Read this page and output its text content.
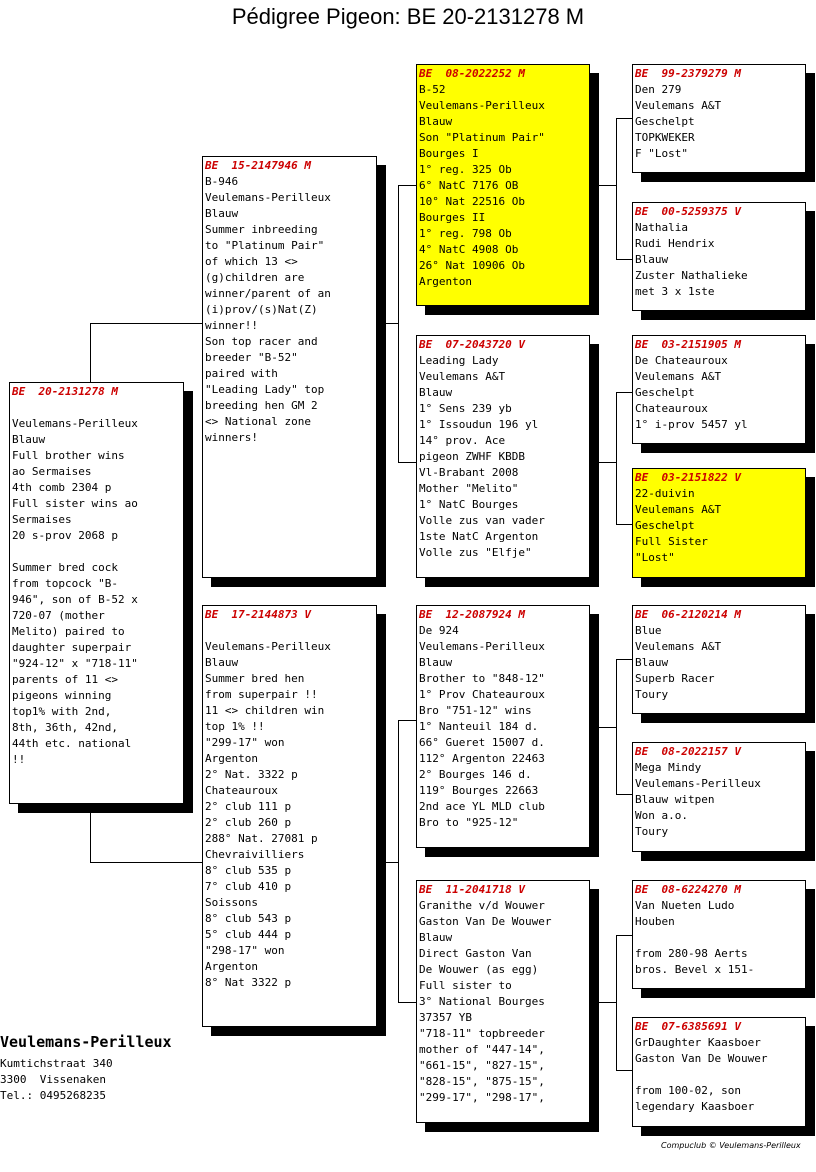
Pédigree Pigeon: BE 20-2131278 M
BE  20-2131278 M
Veulemans-Perilleux
Blauw
Full brother wins
ao Sermaises
4th comb 2304 p
Full sister wins ao
Sermaises
20 s-prov 2068 p
Summer bred cock
from topcock "B-
946", son of B-52 x
720-07 (mother
Melito) paired to
daughter superpair
"924-12" x "718-11"
parents of 11 <>
pigeons winning
top1% with 2nd,
8th, 36th, 42nd,
44th etc. national
!!
BE  15-2147946 M
B-946
Veulemans-Perilleux
Blauw
Summer inbreeding
to "Platinum Pair"
of which 13 <>
(g)children are
winner/parent of an
(i)prov/(s)Nat(Z)
winner!!
Son top racer and
breeder "B-52"
paired with
"Leading Lady" top
breeding hen GM 2
<> National zone
winners!
BE  17-2144873 V
Veulemans-Perilleux
Blauw
Summer bred hen
from superpair !!
11 <> children win
top 1% !!
"299-17" won
Argenton
2° Nat. 3322 p
Chateauroux
2° club 111 p
2° club 260 p
288° Nat. 27081 p
Chevraivilliers
8° club 535 p
7° club 410 p
Soissons
8° club 543 p
5° club 444 p
"298-17" won
Argenton
8° Nat 3322 p
BE  08-2022252 M
B-52
Veulemans-Perilleux
Blauw
Son "Platinum Pair"
Bourges I
1° reg. 325 Ob
6° NatC 7176 OB
10° Nat 22516 Ob
Bourges II
1° reg. 798 Ob
4° NatC 4908 Ob
26° Nat 10906 Ob
Argenton
BE  07-2043720 V
Leading Lady
Veulemans A&T
Blauw
1° Sens 239 yb
1° Issoudun 196 yl
14° prov. Ace
pigeon ZWHF KBDB
Vl-Brabant 2008
Mother "Melito"
1° NatC Bourges
Volle zus van vader
1ste NatC Argenton
Volle zus "Elfje"
BE  12-2087924 M
De 924
Veulemans-Perilleux
Blauw
Brother to "848-12"
1° Prov Chateauroux
Bro "751-12" wins
1° Nanteuil 184 d.
66° Gueret 15007 d.
112° Argenton 22463
2° Bourges 146 d.
119° Bourges 22663
2nd ace YL MLD club
Bro to "925-12"
BE  11-2041718 V
Granithe v/d Wouwer
Gaston Van De Wouwer
Blauw
Direct Gaston Van
De Wouwer (as egg)
Full sister to
3° National Bourges
37357 YB
"718-11" topbreeder
mother of "447-14",
"661-15", "827-15",
"828-15", "875-15",
"299-17", "298-17",
BE  99-2379279 M
Den 279
Veulemans A&T
Geschelpt
TOPKWEKER
F "Lost"
BE  00-5259375 V
Nathalia
Rudi Hendrix
Blauw
Zuster Nathalieke
met 3 x 1ste
BE  03-2151905 M
De Chateauroux
Veulemans A&T
Geschelpt
Chateauroux
1° i-prov 5457 yl
BE  03-2151822 V
22-duivin
Veulemans A&T
Geschelpt
Full Sister
"Lost"
BE  06-2120214 M
Blue
Veulemans A&T
Blauw
Superb Racer
Toury
BE  08-2022157 V
Mega Mindy
Veulemans-Perilleux
Blauw witpen
Won a.o.
Toury
BE  08-6224270 M
Van Nueten Ludo
Houben
from 280-98 Aerts
bros. Bevel x 151-
BE  07-6385691 V
GrDaughter Kaasboer
Gaston Van De Wouwer
from 100-02, son
legendary Kaasboer
Veulemans-Perilleux
Kumtichstraat 340
3300  Vissenaken
Tel.: 0495268235
Compuclub © Veulemans-Perilleux
